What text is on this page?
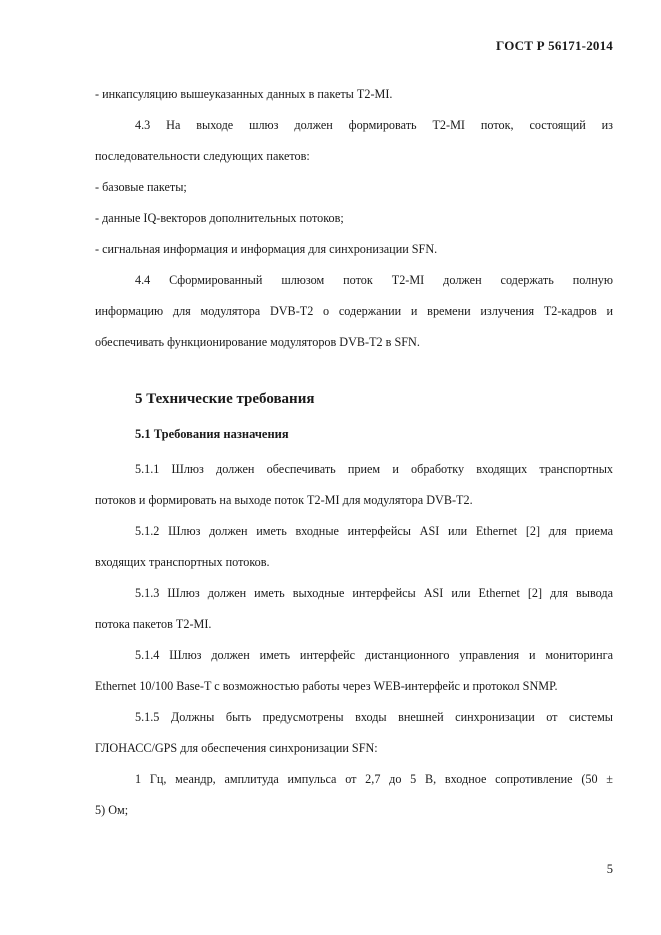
ГОСТ Р 56171-2014
- инкапсуляцию вышеуказанных данных в пакеты Т2-MI.
4.3 На выходе шлюз должен формировать Т2-MI поток, состоящий из
последовательности следующих пакетов:
- базовые пакеты;
- данные IQ-векторов дополнительных потоков;
- сигнальная информация и информация для синхронизации SFN.
4.4 Сформированный шлюзом поток Т2-MI должен содержать полную
информацию для модулятора DVB-T2 о содержании и времени излучения Т2-кадров и
обеспечивать функционирование модуляторов DVB-T2 в SFN.
5 Технические требования
5.1 Требования назначения
5.1.1 Шлюз должен обеспечивать прием и обработку входящих транспортных
потоков и формировать на выходе поток Т2-MI для модулятора DVB-T2.
5.1.2 Шлюз должен иметь входные интерфейсы ASI или Ethernet [2] для приема
входящих транспортных потоков.
5.1.3 Шлюз должен иметь выходные интерфейсы ASI или Ethernet [2] для вывода
потока пакетов Т2-MI.
5.1.4 Шлюз должен иметь интерфейс дистанционного управления и мониторинга
Ethernet 10/100 Base-T с возможностью работы через WEB-интерфейс и протокол SNMP.
5.1.5 Должны быть предусмотрены входы внешней синхронизации от системы
ГЛОНАСС/GPS для обеспечения синхронизации SFN:
1 Гц, меандр, амплитуда импульса от 2,7 до 5 В, входное сопротивление (50 ±
5) Ом;
5
